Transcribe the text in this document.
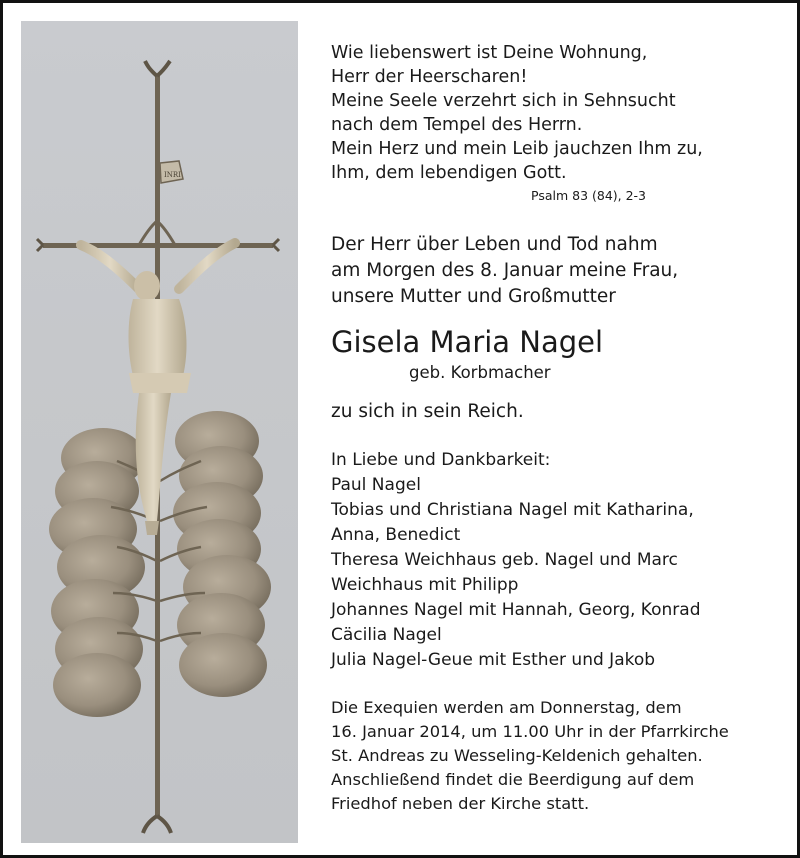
INRI
Wie liebenswert ist Deine Wohnung,
Herr der Heerscharen!
Meine Seele verzehrt sich in Sehnsucht
nach dem Tempel des Herrn.
Mein Herz und mein Leib jauchzen Ihm zu,
Ihm, dem lebendigen Gott.
Psalm 83 (84), 2-3
Der Herr über Leben und Tod nahm
am Morgen des 8. Januar meine Frau,
unsere Mutter und Großmutter
Gisela Maria Nagel
geb. Korbmacher
zu sich in sein Reich.
In Liebe und Dankbarkeit:
Paul Nagel
Tobias und Christiana Nagel mit Katharina,
Anna, Benedict
Theresa Weichhaus geb. Nagel und Marc
Weichhaus mit Philipp
Johannes Nagel mit Hannah, Georg, Konrad
Cäcilia Nagel
Julia Nagel-Geue mit Esther und Jakob
Die Exequien werden am Donnerstag, dem
16. Januar 2014, um 11.00 Uhr in der Pfarrkirche
St. Andreas zu Wesseling-Keldenich gehalten.
Anschließend findet die Beerdigung auf dem
Friedhof neben der Kirche statt.
